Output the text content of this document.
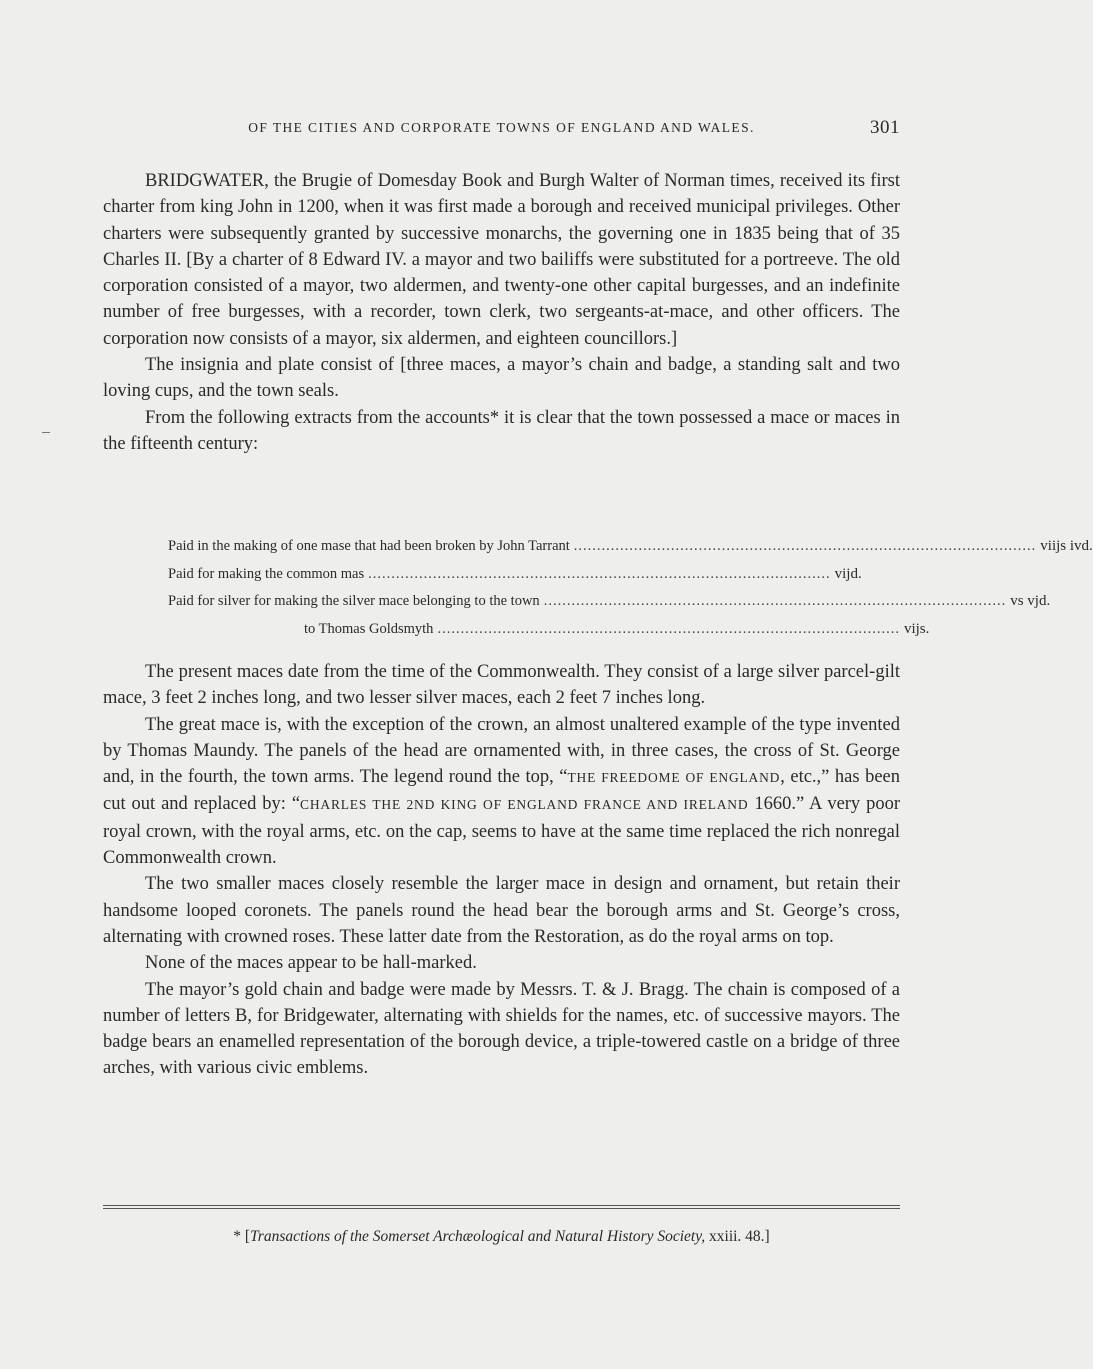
OF THE CITIES AND CORPORATE TOWNS OF ENGLAND AND WALES.	301

BRIDGWATER, the Brugie of Domesday Book and Burgh Walter of Norman times, received its first charter from king John in 1200, when it was first made a borough and received municipal privileges. Other charters were subsequently granted by successive monarchs, the governing one in 1835 being that of 35 Charles II. [By a charter of 8 Edward IV. a mayor and two bailiffs were substituted for a portreeve. The old corporation consisted of a mayor, two aldermen, and twenty-one other capital burgesses, and an indefinite number of free burgesses, with a recorder, town clerk, two sergeants-at-mace, and other officers. The corporation now consists of a mayor, six aldermen, and eighteen councillors.]

The insignia and plate consist of [three maces, a mayor’s chain and badge, a standing salt and two loving cups, and the town seals.

From the following extracts from the accounts* it is clear that the town possessed a mace or maces in the fifteenth century:

Paid in the making of one mase that had been broken by John Tarrant .................................................................................................... viijs ivd.
Paid for making the common mas .................................................................................................... vijd.
Paid for silver for making the silver mace belonging to the town .................................................................................................... vs vjd.
to Thomas Goldsmyth .................................................................................................... vijs.

The present maces date from the time of the Commonwealth. They consist of a large silver parcel-gilt mace, 3 feet 2 inches long, and two lesser silver maces, each 2 feet 7 inches long.

The great mace is, with the exception of the crown, an almost unaltered example of the type invented by Thomas Maundy. The panels of the head are ornamented with, in three cases, the cross of St. George and, in the fourth, the town arms. The legend round the top, “THE FREEDOME OF ENGLAND, etc.,” has been cut out and replaced by: “CHARLES THE 2ND KING OF ENGLAND FRANCE AND IRELAND 1660.” A very poor royal crown, with the royal arms, etc. on the cap, seems to have at the same time replaced the rich nonregal Commonwealth crown.

The two smaller maces closely resemble the larger mace in design and ornament, but retain their handsome looped coronets. The panels round the head bear the borough arms and St. George’s cross, alternating with crowned roses. These latter date from the Restoration, as do the royal arms on top.

None of the maces appear to be hall-marked.

The mayor’s gold chain and badge were made by Messrs. T. & J. Bragg. The chain is composed of a number of letters B, for Bridgewater, alternating with shields for the names, etc. of successive mayors. The badge bears an enamelled representation of the borough device, a triple-towered castle on a bridge of three arches, with various civic emblems.

* [Transactions of the Somerset Archæological and Natural History Society, xxiii. 48.]
